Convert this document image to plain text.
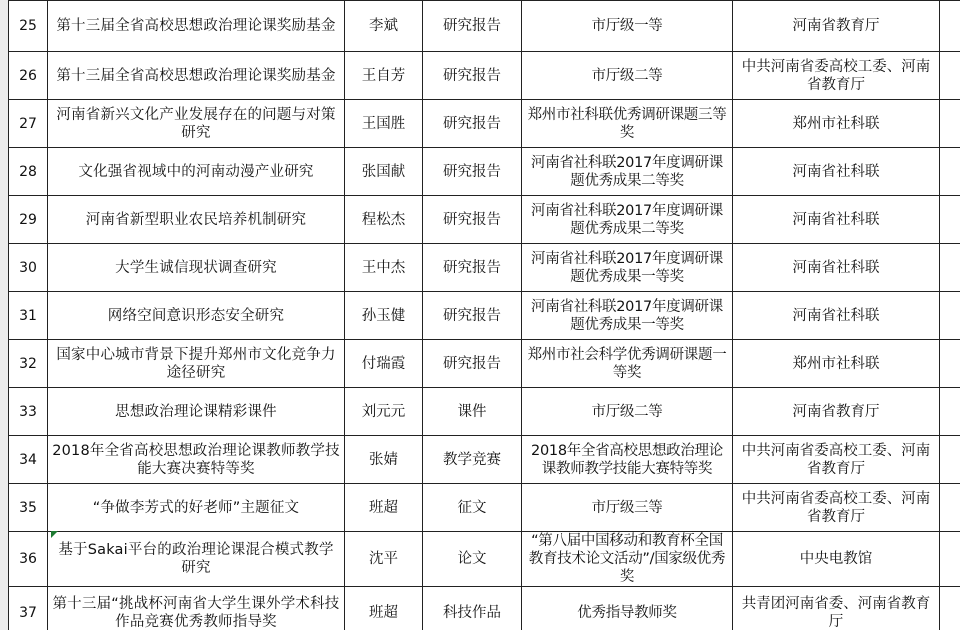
25	第十三届全省高校思想政治理论课奖励基金	李斌	研究报告	市厅级一等	河南省教育厅	
26	第十三届全省高校思想政治理论课奖励基金	王自芳	研究报告	市厅级二等	中共河南省委高校工委、河南省教育厅	
27	河南省新兴文化产业发展存在的问题与对策研究	王国胜	研究报告	郑州市社科联优秀调研课题三等奖	郑州市社科联	
28	文化强省视域中的河南动漫产业研究	张国献	研究报告	河南省社科联2017年度调研课题优秀成果二等奖	河南省社科联	
29	河南省新型职业农民培养机制研究	程松杰	研究报告	河南省社科联2017年度调研课题优秀成果二等奖	河南省社科联	
30	大学生诚信现状调查研究	王中杰	研究报告	河南省社科联2017年度调研课题优秀成果一等奖	河南省社科联	
31	网络空间意识形态安全研究	孙玉健	研究报告	河南省社科联2017年度调研课题优秀成果一等奖	河南省社科联	
32	国家中心城市背景下提升郑州市文化竞争力途径研究	付瑞霞	研究报告	郑州市社会科学优秀调研课题一等奖	郑州市社科联	
33	思想政治理论课精彩课件	刘元元	课件	市厅级二等	河南省教育厅	
34	2018年全省高校思想政治理论课教师教学技能大赛决赛特等奖	张婧	教学竞赛	2018年全省高校思想政治理论课教师教学技能大赛特等奖	中共河南省委高校工委、河南省教育厅	
35	“争做李芳式的好老师”主题征文	班超	征文	市厅级三等	中共河南省委高校工委、河南省教育厅	
36	基于Sakai平台的政治理论课混合模式教学研究	沈平	论文	“第八届中国移动和教育杯全国教育技术论文活动”/国家级优秀奖	中央电教馆	
37	第十三届“挑战杯河南省大学生课外学术科技作品竞赛优秀教师指导奖	班超	科技作品	优秀指导教师奖	共青团河南省委、河南省教育厅	
